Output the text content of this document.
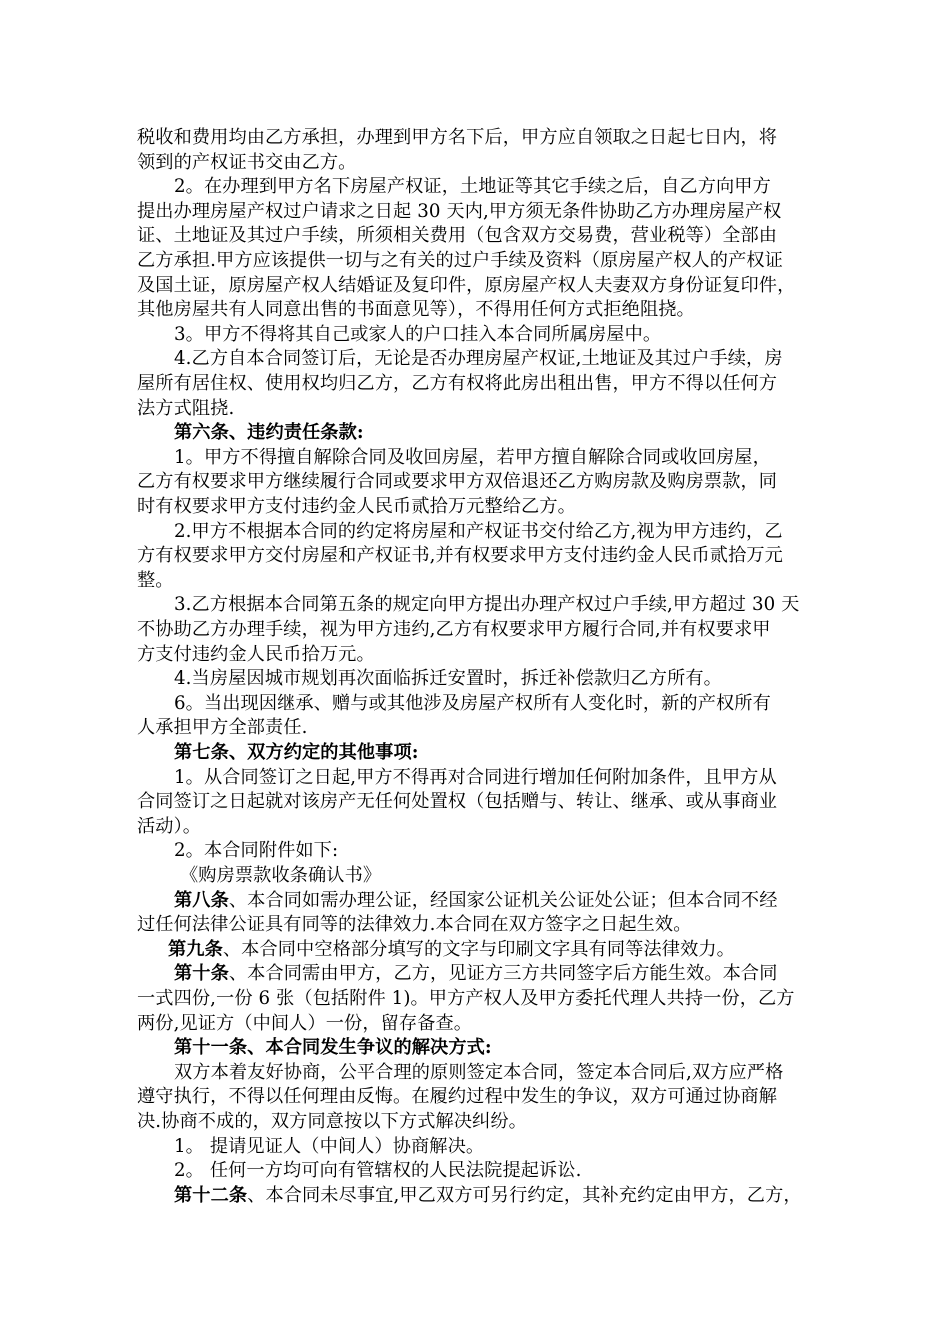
税收和费用均由乙方承担，办理到甲方名下后，甲方应自领取之日起七日内，将
领到的产权证书交由乙方。
2。在办理到甲方名下房屋产权证，土地证等其它手续之后，自乙方向甲方
提出办理房屋产权过户请求之日起 30 天内,甲方须无条件协助乙方办理房屋产权
证、土地证及其过户手续，所须相关费用（包含双方交易费，营业税等）全部由
乙方承担.甲方应该提供一切与之有关的过户手续及资料（原房屋产权人的产权证
及国土证，原房屋产权人结婚证及复印件，原房屋产权人夫妻双方身份证复印件，
其他房屋共有人同意出售的书面意见等），不得用任何方式拒绝阻挠。
3。甲方不得将其自己或家人的户口挂入本合同所属房屋中。
4.乙方自本合同签订后，无论是否办理房屋产权证,土地证及其过户手续，房
屋所有居住权、使用权均归乙方，乙方有权将此房出租出售，甲方不得以任何方
法方式阻挠.
第六条、违约责任条款:
1。甲方不得擅自解除合同及收回房屋，若甲方擅自解除合同或收回房屋，
乙方有权要求甲方继续履行合同或要求甲方双倍退还乙方购房款及购房票款，同
时有权要求甲方支付违约金人民币贰拾万元整给乙方。
2.甲方不根据本合同的约定将房屋和产权证书交付给乙方,视为甲方违约，乙
方有权要求甲方交付房屋和产权证书,并有权要求甲方支付违约金人民币贰拾万元
整。
3.乙方根据本合同第五条的规定向甲方提出办理产权过户手续,甲方超过 30 天
不协助乙方办理手续，视为甲方违约,乙方有权要求甲方履行合同,并有权要求甲
方支付违约金人民币拾万元。
4.当房屋因城市规划再次面临拆迁安置时，拆迁补偿款归乙方所有。
6。当出现因继承、赠与或其他涉及房屋产权所有人变化时，新的产权所有
人承担甲方全部责任.
第七条、双方约定的其他事项:
1。从合同签订之日起,甲方不得再对合同进行增加任何附加条件，且甲方从
合同签订之日起就对该房产无任何处置权（包括赠与、转让、继承、或从事商业
活动）。
2。本合同附件如下:
《购房票款收条确认书》
第八条、本合同如需办理公证，经国家公证机关公证处公证；但本合同不经
过任何法律公证具有同等的法律效力.本合同在双方签字之日起生效。
第九条、本合同中空格部分填写的文字与印刷文字具有同等法律效力。
第十条、本合同需由甲方，乙方，见证方三方共同签字后方能生效。本合同
一式四份,一份 6 张（包括附件 1)。甲方产权人及甲方委托代理人共持一份，乙方
两份,见证方（中间人）一份，留存备查。
第十一条、本合同发生争议的解决方式:
双方本着友好协商，公平合理的原则签定本合同，签定本合同后,双方应严格
遵守执行，不得以任何理由反悔。在履约过程中发生的争议，双方可通过协商解
决.协商不成的，双方同意按以下方式解决纠纷。
1。 提请见证人（中间人）协商解决。
2。 任何一方均可向有管辖权的人民法院提起诉讼.
第十二条、本合同未尽事宜,甲乙双方可另行约定，其补充约定由甲方，乙方，
